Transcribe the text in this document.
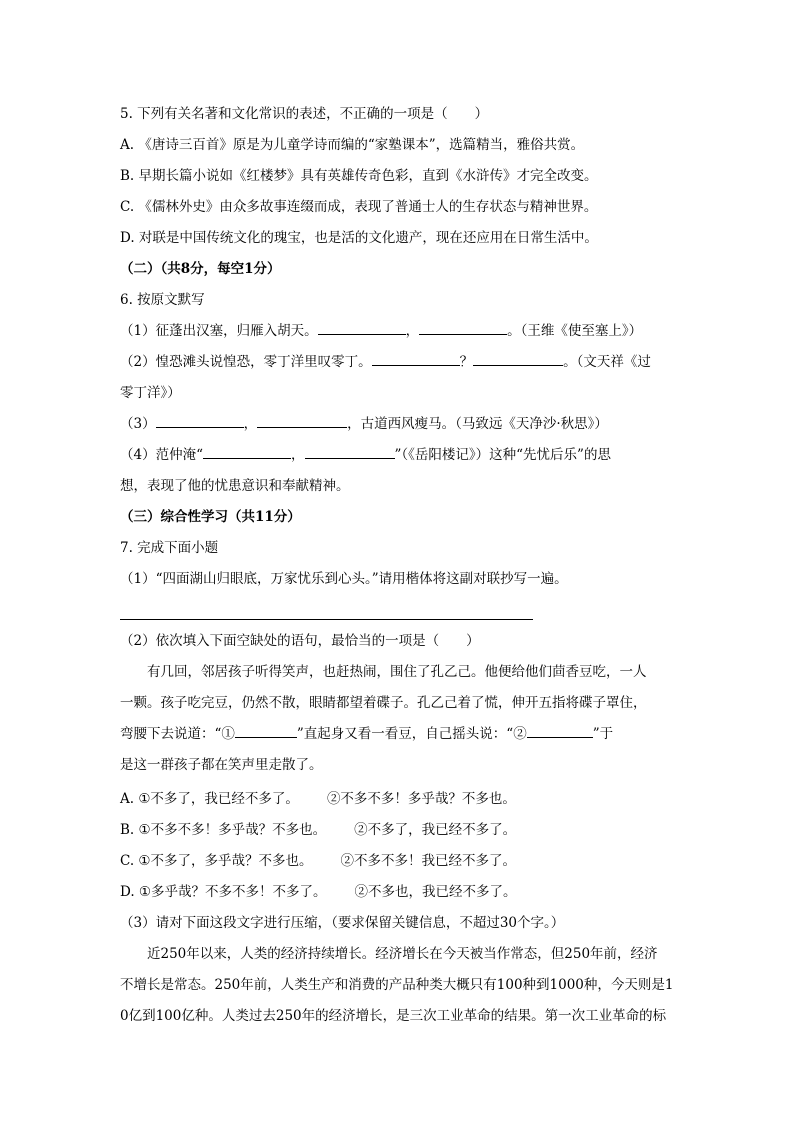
5. 下列有关名著和文化常识的表述，不正确的一项是（　　）
A. 《唐诗三百首》原是为儿童学诗而编的“家塾课本”，选篇精当，雅俗共赏。
B. 早期长篇小说如《红楼梦》具有英雄传奇色彩，直到《水浒传》才完全改变。
C. 《儒林外史》由众多故事连缀而成，表现了普通士人的生存状态与精神世界。
D. 对联是中国传统文化的瑰宝，也是活的文化遗产，现在还应用在日常生活中。
（二）（共8分，每空1分）
6. 按原文默写
（1）征蓬出汉塞，归雁入胡天。	，	。（王维《使至塞上》）
（2）惶恐滩头说惶恐，零丁洋里叹零丁。	？	。（文天祥《过
零丁洋》）
（3）	，	，古道西风瘦马。（马致远《天净沙·秋思》）
（4）范仲淹“	，	”（《岳阳楼记》）这种“先忧后乐”的思
想，表现了他的忧患意识和奉献精神。
（三）综合性学习（共11分）
7. 完成下面小题
（1）“四面湖山归眼底，万家忧乐到心头。”请用楷体将这副对联抄写一遍。
（2）依次填入下面空缺处的语句，最恰当的一项是（　　）
有几回，邻居孩子听得笑声，也赶热闹，围住了孔乙己。他便给他们茴香豆吃，一人
一颗。孩子吃完豆，仍然不散，眼睛都望着碟子。孔乙己着了慌，伸开五指将碟子罩住，
弯腰下去说道：“①	”直起身又看一看豆，自己摇头说：“②	”于
是这一群孩子都在笑声里走散了。
A. ①不多了，我已经不多了。 ②不多不多！多乎哉？不多也。
B. ①不多不多！多乎哉？不多也。 ②不多了，我已经不多了。
C. ①不多了，多乎哉？不多也。 ②不多不多！我已经不多了。
D. ①多乎哉？不多不多！不多了。 ②不多也，我已经不多了。
（3）请对下面这段文字进行压缩，（要求保留关键信息，不超过30个字。）
近250年以来，人类的经济持续增长。经济增长在今天被当作常态，但250年前，经济
不增长是常态。250年前，人类生产和消费的产品种类大概只有100种到1000种，今天则是1
0亿到100亿种。人类过去250年的经济增长，是三次工业革命的结果。第一次工业革命的标
